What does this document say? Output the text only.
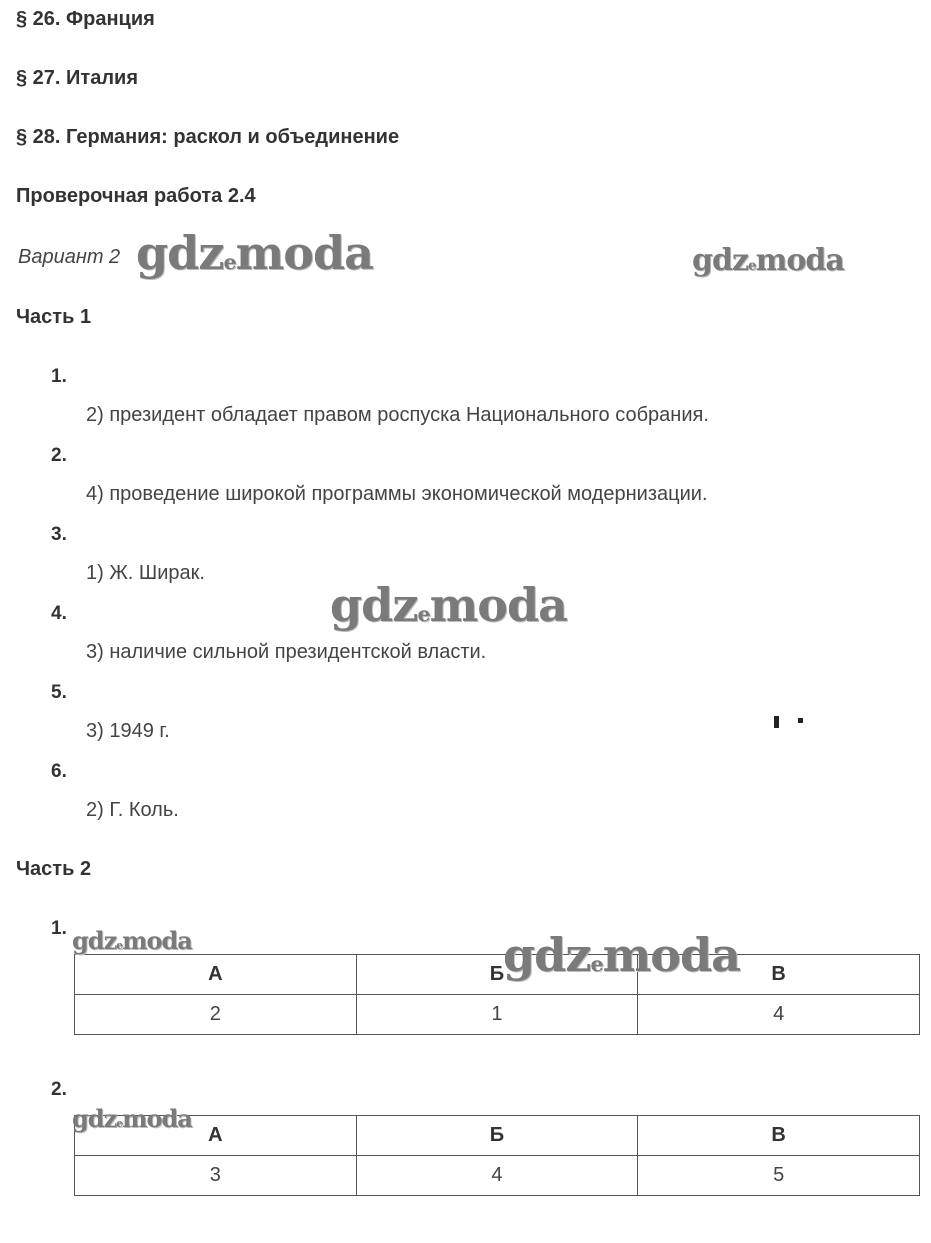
§ 26. Франция
§ 27. Италия
§ 28. Германия: раскол и объединение
Проверочная работа 2.4
Вариант 2
Часть 1
1.
2) президент обладает правом роспуска Национального собрания.
2.
4) проведение широкой программы экономической модернизации.
3.
1) Ж. Ширак.
4.
3) наличие сильной президентской власти.
5.
3) 1949 г.
6.
2) Г. Коль.
Часть 2
1.
А	Б	В
2	1	4
2.
А	Б	В
3	4	5
gdzemoda	gdzemoda
gdzemoda
gdzemoda	gdzemoda
gdzemoda
